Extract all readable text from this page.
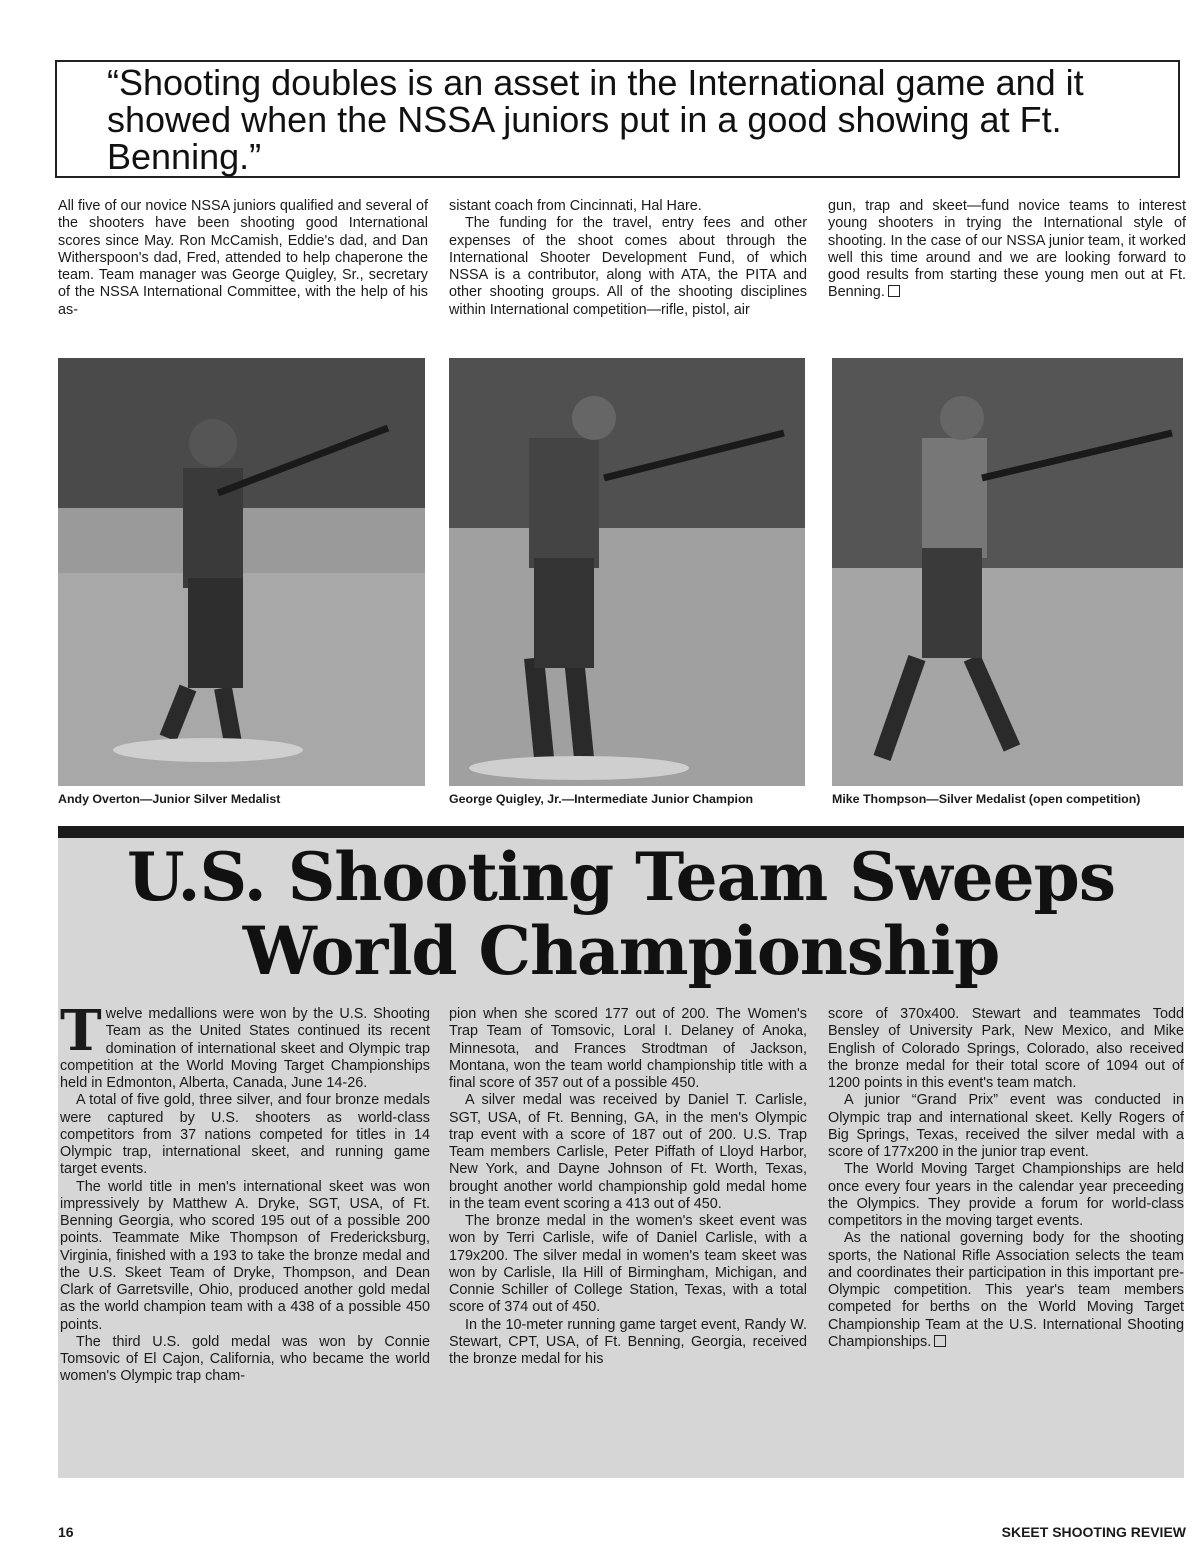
“Shooting doubles is an asset in the International game and it showed when the NSSA juniors put in a good showing at Ft. Benning.”

All five of our novice NSSA juniors qualified and several of the shooters have been shooting good International scores since May. Ron McCamish, Eddie's dad, and Dan Witherspoon's dad, Fred, attended to help chaperone the team. Team manager was George Quigley, Sr., secretary of the NSSA International Committee, with the help of his as-

sistant coach from Cincinnati, Hal Hare.

The funding for the travel, entry fees and other expenses of the shoot comes about through the International Shooter Development Fund, of which NSSA is a contributor, along with ATA, the PITA and other shooting groups. All of the shooting disciplines within International competition—rifle, pistol, air

gun, trap and skeet—fund novice teams to interest young shooters in trying the International style of shooting. In the case of our NSSA junior team, it worked well this time around and we are looking forward to good results from starting these young men out at Ft. Benning.

Andy Overton—Junior Silver Medalist	George Quigley, Jr.—Intermediate Junior Champion	Mike Thompson—Silver Medalist (open competition)

U.S. Shooting Team Sweeps
World Championship

Twelve medallions were won by the U.S. Shooting Team as the United States continued its recent domination of international skeet and Olympic trap competition at the World Moving Target Championships held in Edmonton, Alberta, Canada, June 14-26.

A total of five gold, three silver, and four bronze medals were captured by U.S. shooters as world-class competitors from 37 nations competed for titles in 14 Olympic trap, international skeet, and running game target events.

The world title in men's international skeet was won impressively by Matthew A. Dryke, SGT, USA, of Ft. Benning Georgia, who scored 195 out of a possible 200 points. Teammate Mike Thompson of Fredericksburg, Virginia, finished with a 193 to take the bronze medal and the U.S. Skeet Team of Dryke, Thompson, and Dean Clark of Garretsville, Ohio, produced another gold medal as the world champion team with a 438 of a possible 450 points.

The third U.S. gold medal was won by Connie Tomsovic of El Cajon, California, who became the world women's Olympic trap cham-

pion when she scored 177 out of 200. The Women's Trap Team of Tomsovic, Loral I. Delaney of Anoka, Minnesota, and Frances Strodtman of Jackson, Montana, won the team world championship title with a final score of 357 out of a possible 450.

A silver medal was received by Daniel T. Carlisle, SGT, USA, of Ft. Benning, GA, in the men's Olympic trap event with a score of 187 out of 200. U.S. Trap Team members Carlisle, Peter Piffath of Lloyd Harbor, New York, and Dayne Johnson of Ft. Worth, Texas, brought another world championship gold medal home in the team event scoring a 413 out of 450.

The bronze medal in the women's skeet event was won by Terri Carlisle, wife of Daniel Carlisle, with a 179x200. The silver medal in women's team skeet was won by Carlisle, Ila Hill of Birmingham, Michigan, and Connie Schiller of College Station, Texas, with a total score of 374 out of 450.

In the 10-meter running game target event, Randy W. Stewart, CPT, USA, of Ft. Benning, Georgia, received the bronze medal for his

score of 370x400. Stewart and teammates Todd Bensley of University Park, New Mexico, and Mike English of Colorado Springs, Colorado, also received the bronze medal for their total score of 1094 out of 1200 points in this event's team match.

A junior “Grand Prix” event was conducted in Olympic trap and international skeet. Kelly Rogers of Big Springs, Texas, received the silver medal with a score of 177x200 in the junior trap event.

The World Moving Target Championships are held once every four years in the calendar year preceeding the Olympics. They provide a forum for world-class competitors in the moving target events.

As the national governing body for the shooting sports, the National Rifle Association selects the team and coordinates their participation in this important pre-Olympic competition. This year's team members competed for berths on the World Moving Target Championship Team at the U.S. International Shooting Championships.

16	SKEET SHOOTING REVIEW
